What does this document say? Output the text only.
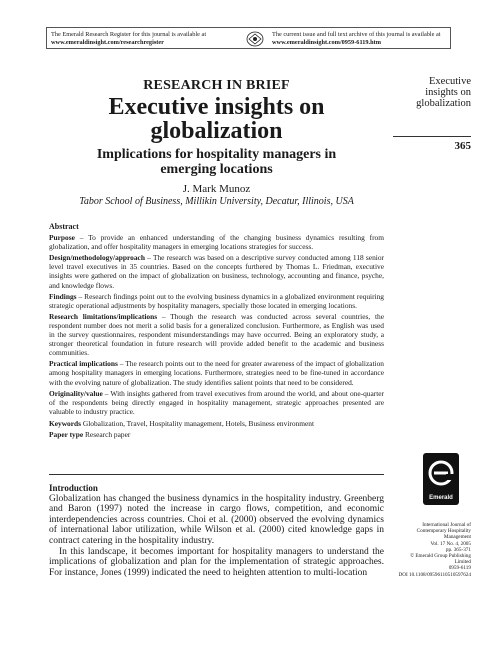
The Emerald Research Register for this journal is available at
www.emeraldinsight.com/researchregister
The current issue and full text archive of this journal is available at
www.emeraldinsight.com/0959-6119.htm
Executive
insights on
globalization
365
RESEARCH IN BRIEF
Executive insights on
globalization
Implications for hospitality managers in
emerging locations
J. Mark Munoz
Tabor School of Business, Millikin University, Decatur, Illinois, USA
Abstract

Purpose – To provide an enhanced understanding of the changing business dynamics resulting from globalization, and offer hospitality managers in emerging locations strategies for success.

Design/methodology/approach – The research was based on a descriptive survey conducted among 118 senior level travel executives in 35 countries. Based on the concepts furthered by Thomas L. Friedman, executive insights were gathered on the impact of globalization on business, technology, accounting and finance, psyche, and knowledge flows.

Findings – Research findings point out to the evolving business dynamics in a globalized environment requiring strategic operational adjustments by hospitality managers, specially those located in emerging locations.

Research limitations/implications – Though the research was conducted across several countries, the respondent number does not merit a solid basis for a generalized conclusion. Furthermore, as English was used in the survey questionnaires, respondent misunderstandings may have occurred. Being an exploratory study, a stronger theoretical foundation in future research will provide added benefit to the academic and business communities.

Practical implications – The research points out to the need for greater awareness of the impact of globalization among hospitality managers in emerging locations. Furthermore, strategies need to be fine-tuned in accordance with the evolving nature of globalization. The study identifies salient points that need to be considered.

Originality/value – With insights gathered from travel executives from around the world, and about one-quarter of the respondents being directly engaged in hospitality management, strategic approaches presented are valuable to industry practice.

Keywords Globalization, Travel, Hospitality management, Hotels, Business environment

Paper type Research paper

Introduction

Globalization has changed the business dynamics in the hospitality industry. Greenberg and Baron (1997) noted the increase in cargo flows, competition, and economic interdependencies across countries. Choi et al. (2000) observed the evolving dynamics of international labor utilization, while Wilson et al. (2000) cited knowledge gaps in contract catering in the hospitality industry.

In this landscape, it becomes important for hospitality managers to understand the implications of globalization and plan for the implementation of strategic approaches. For instance, Jones (1999) indicated the need to heighten attention to multi-location

Emerald
International Journal of
Contemporary Hospitality
Management
Vol. 17 No. 4, 2005
pp. 365-371
© Emerald Group Publishing Limited
0959-6119
DOI 10.1108/09596110510597624
